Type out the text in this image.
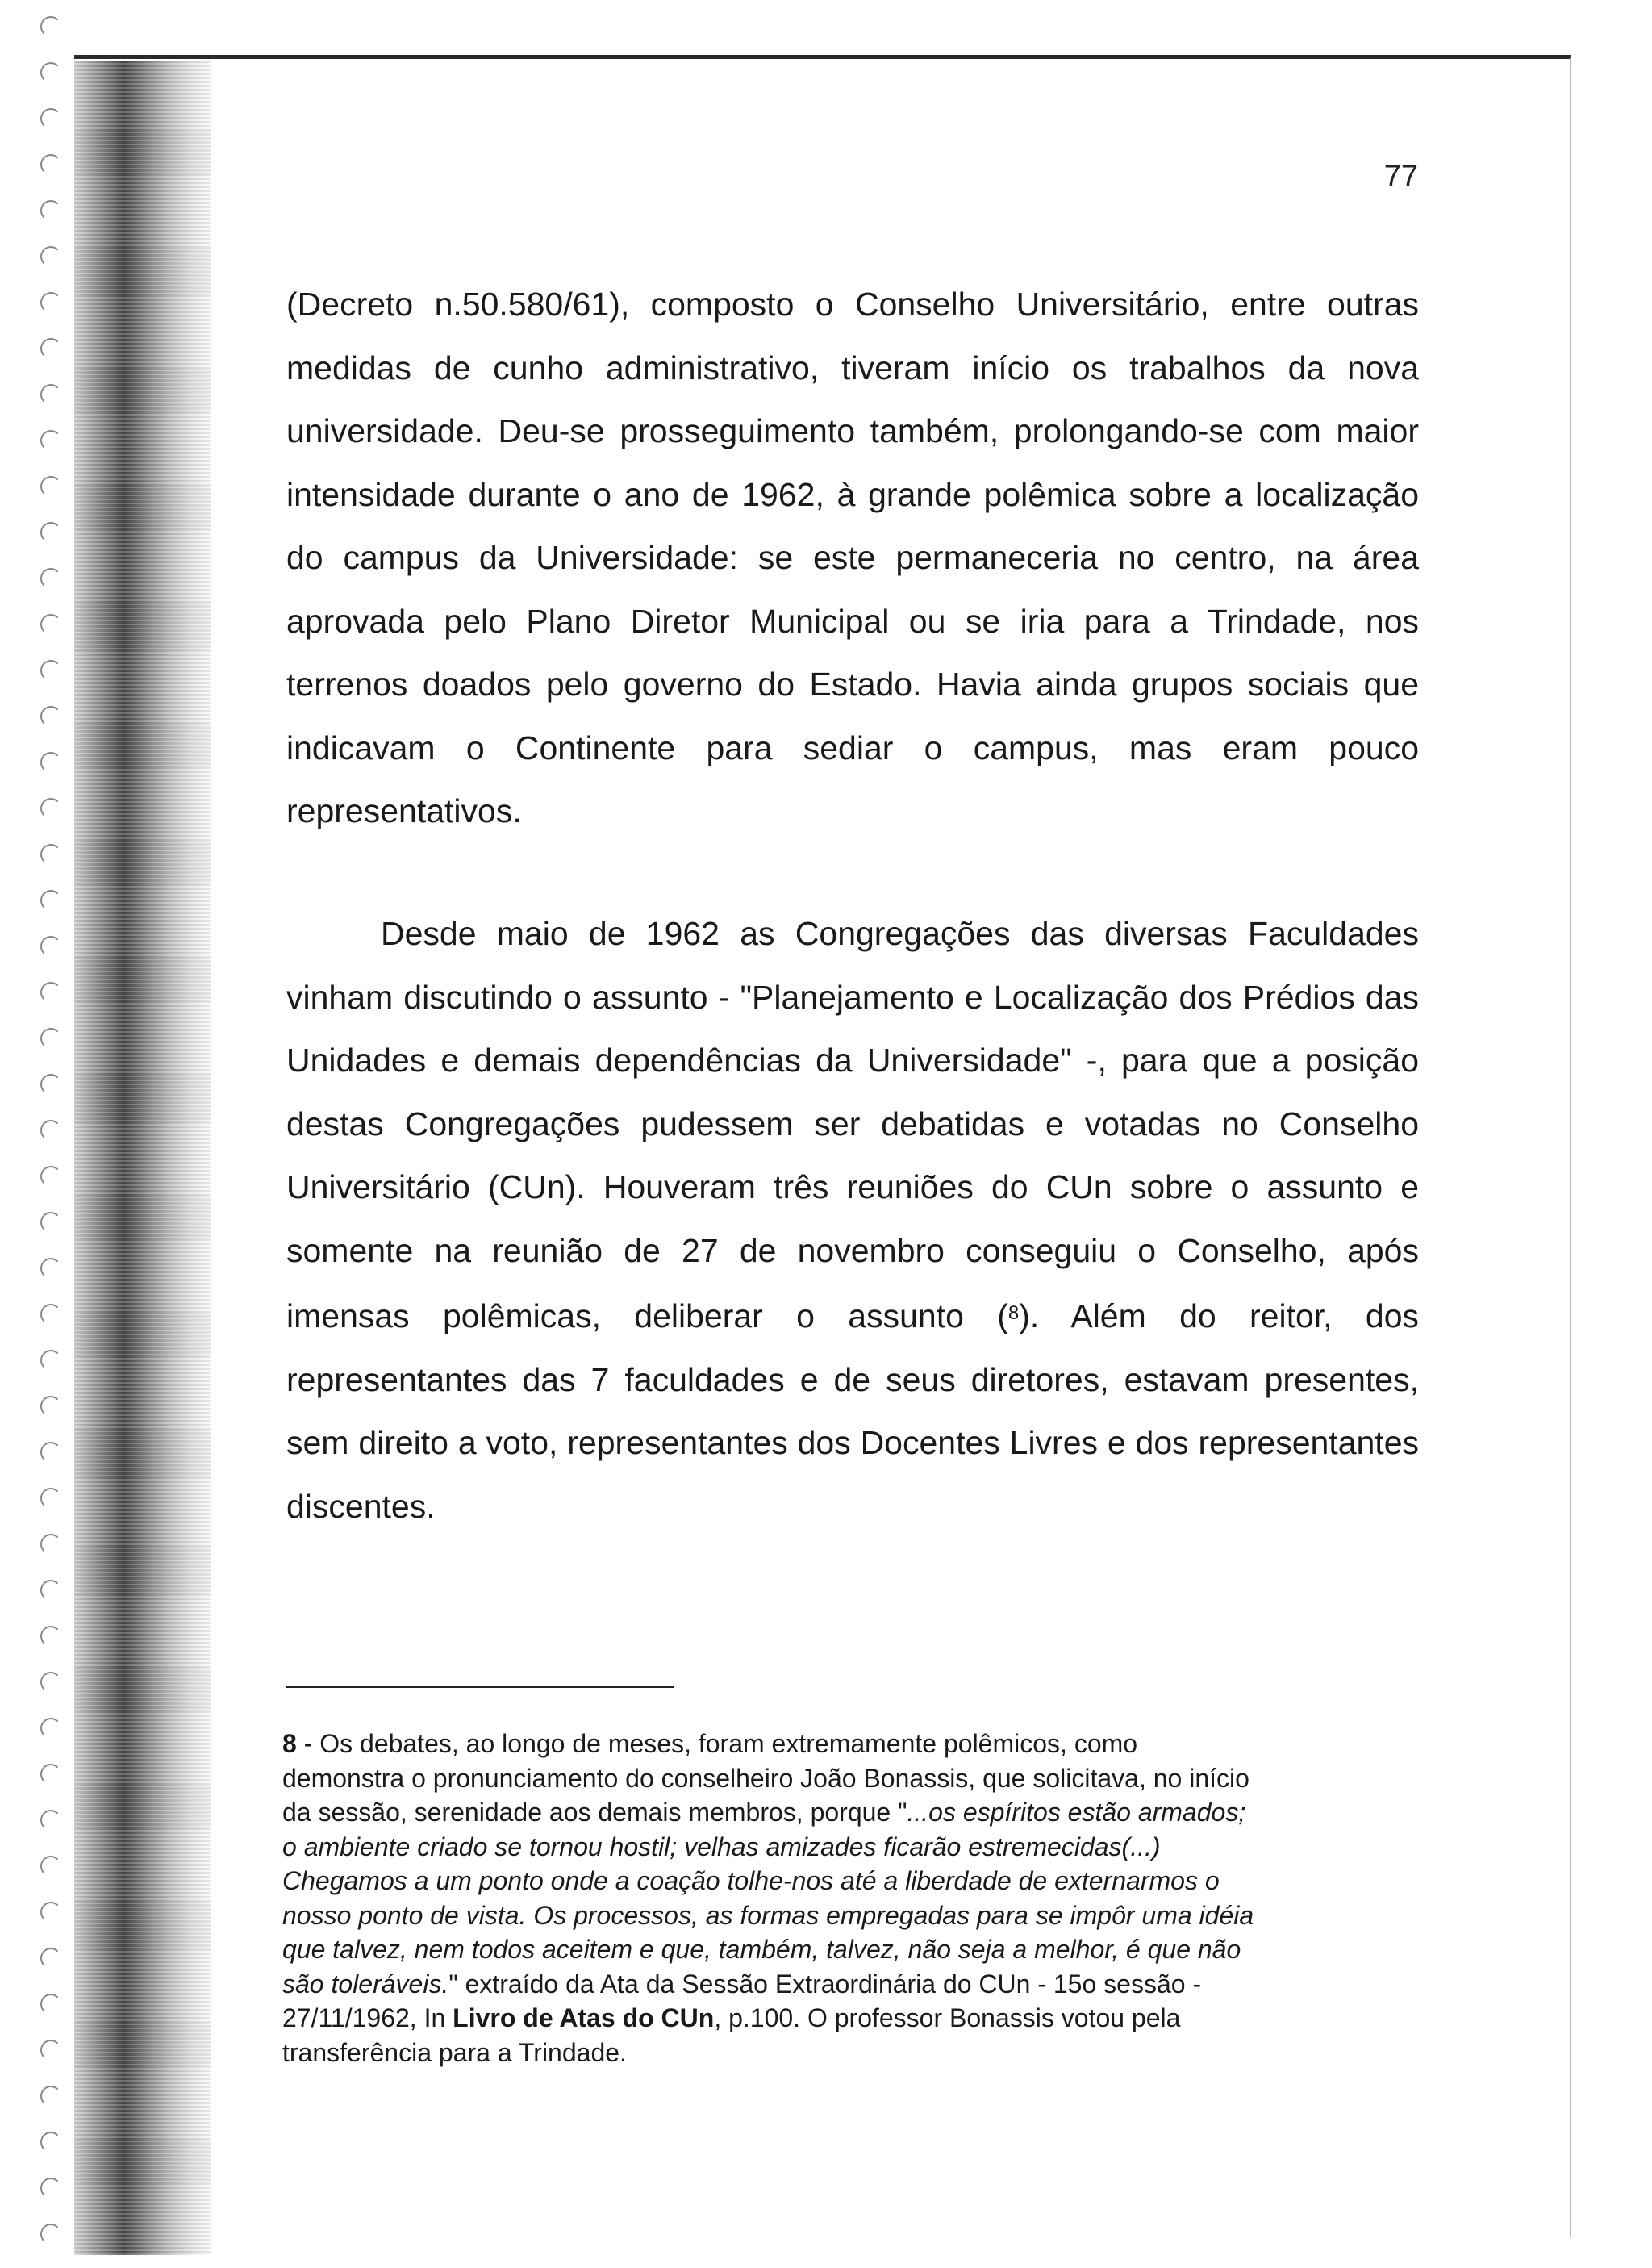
77

(Decreto n.50.580/61), composto o Conselho Universitário, entre outras medidas de cunho administrativo, tiveram início os trabalhos da nova universidade. Deu-se prosseguimento também, prolongando-se com maior intensidade durante o ano de 1962, à grande polêmica sobre a localização do campus da Universidade: se este permaneceria no centro, na área aprovada pelo Plano Diretor Municipal ou se iria para a Trindade, nos terrenos doados pelo governo do Estado. Havia ainda grupos sociais que indicavam o Continente para sediar o campus, mas eram pouco representativos.

Desde maio de 1962 as Congregações das diversas Faculdades vinham discutindo o assunto - "Planejamento e Localização dos Prédios das Unidades e demais dependências da Universidade" -, para que a posição destas Congregações pudessem ser debatidas e votadas no Conselho Universitário (CUn). Houveram três reuniões do CUn sobre o assunto e somente na reunião de 27 de novembro conseguiu o Conselho, após imensas polêmicas, deliberar o assunto ($^8$). Além do reitor, dos representantes das 7 faculdades e de seus diretores, estavam presentes, sem direito a voto, representantes dos Docentes Livres e dos representantes discentes.

8 - Os debates, ao longo de meses, foram extremamente polêmicos, como demonstra o pronunciamento do conselheiro João Bonassis, que solicitava, no início da sessão, serenidade aos demais membros, porque "...os espíritos estão armados; o ambiente criado se tornou hostil; velhas amizades ficarão estremecidas(...) Chegamos a um ponto onde a coação tolhe-nos até a liberdade de externarmos o nosso ponto de vista. Os processos, as formas empregadas para se impôr uma idéia que talvez, nem todos aceitem e que, também, talvez, não seja a melhor, é que não são toleráveis." extraído da Ata da Sessão Extraordinária do CUn - 15o sessão - 27/11/1962, In Livro de Atas do CUn, p.100. O professor Bonassis votou pela transferência para a Trindade.
